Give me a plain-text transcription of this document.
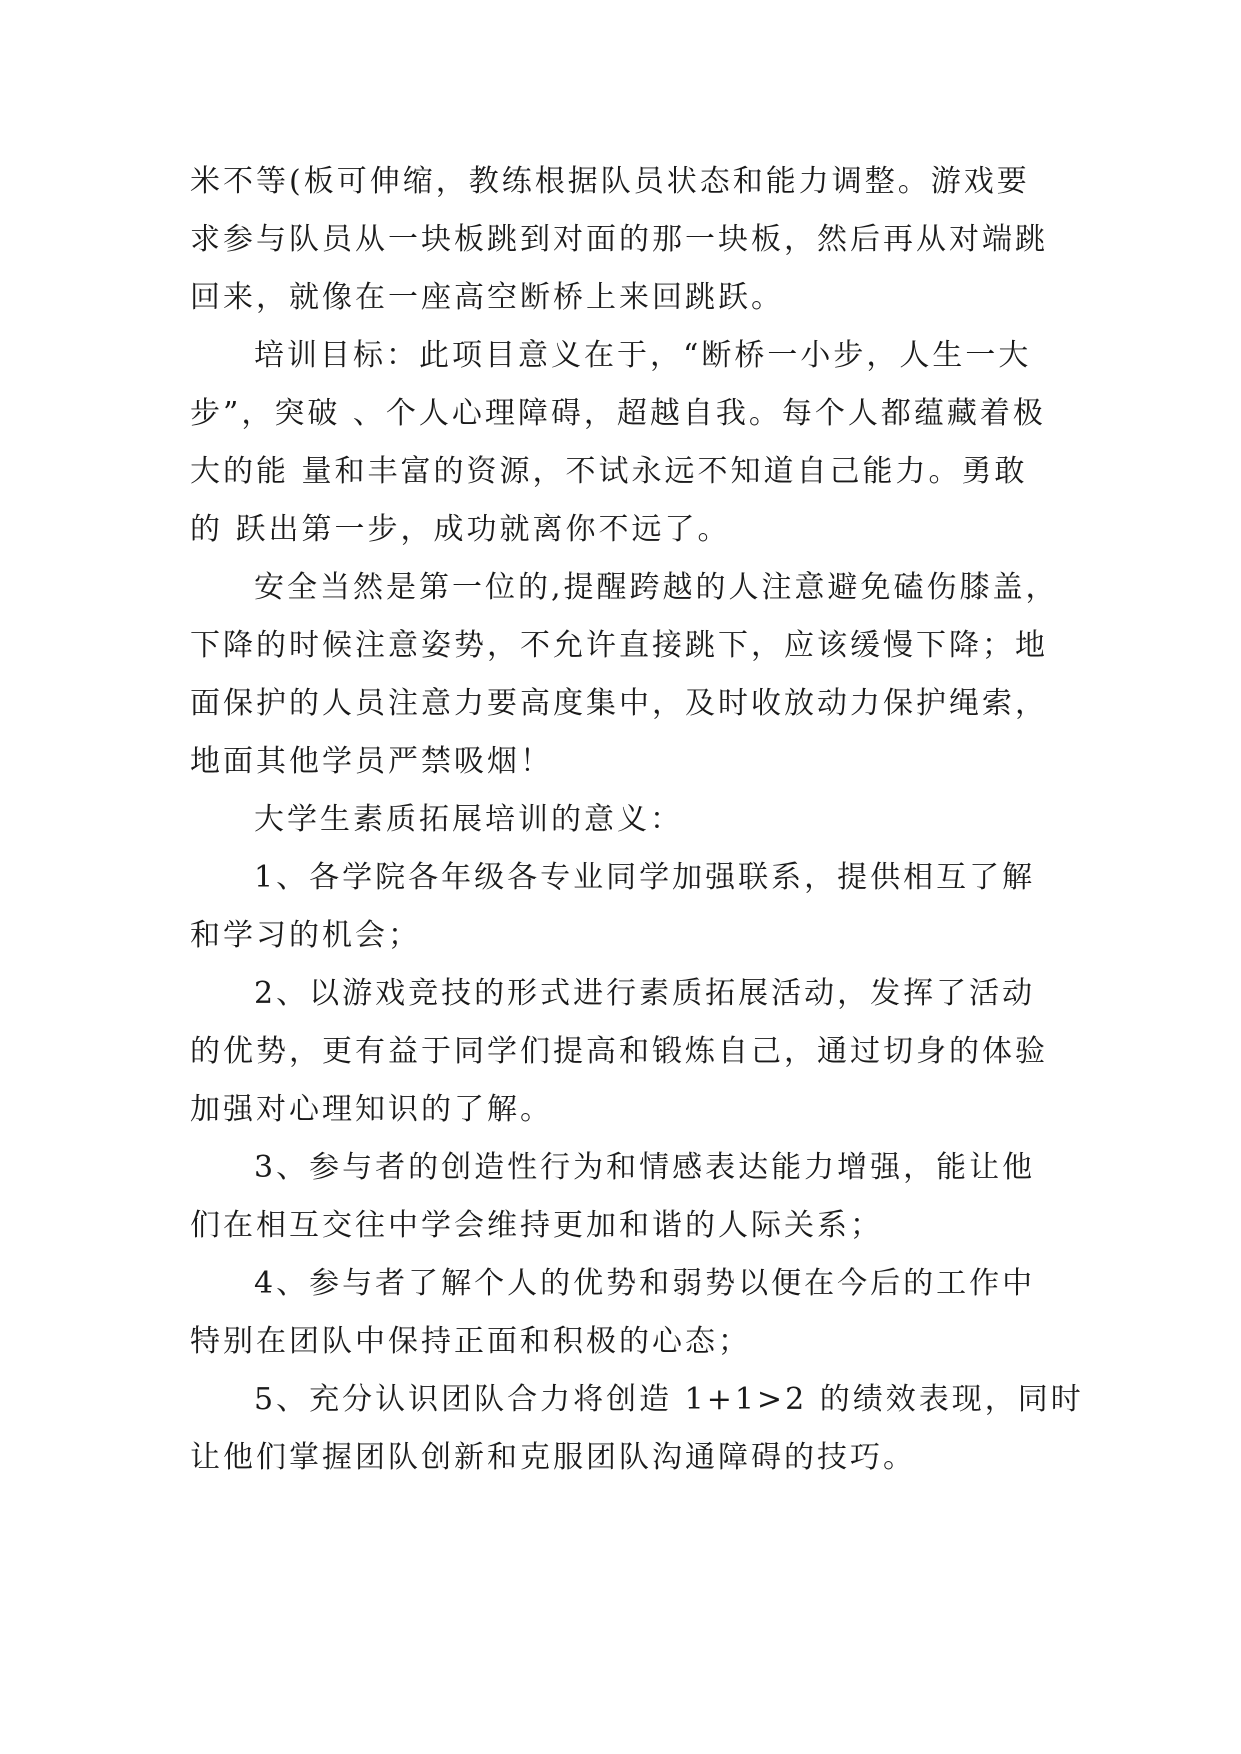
米不等(板可伸缩，教练根据队员状态和能力调整。游戏要
求参与队员从一块板跳到对面的那一块板，然后再从对端跳
回来，就像在一座高空断桥上来回跳跃。
培训目标：此项目意义在于，“断桥一小步，人生一大
步”，突破 、个人心理障碍，超越自我。每个人都蕴藏着极
大的能 量和丰富的资源，不试永远不知道自己能力。勇敢
的 跃出第一步，成功就离你不远了。
安全当然是第一位的,提醒跨越的人注意避免磕伤膝盖，
下降的时候注意姿势，不允许直接跳下，应该缓慢下降；地
面保护的人员注意力要高度集中，及时收放动力保护绳索，
地面其他学员严禁吸烟！
大学生素质拓展培训的意义：
1、各学院各年级各专业同学加强联系，提供相互了解
和学习的机会；
2、以游戏竞技的形式进行素质拓展活动，发挥了活动
的优势，更有益于同学们提高和锻炼自己，通过切身的体验
加强对心理知识的了解。
3、参与者的创造性行为和情感表达能力增强，能让他
们在相互交往中学会维持更加和谐的人际关系；
4、参与者了解个人的优势和弱势以便在今后的工作中
特别在团队中保持正面和积极的心态；
5、充分认识团队合力将创造 1+1>2 的绩效表现，同时
让他们掌握团队创新和克服团队沟通障碍的技巧。
